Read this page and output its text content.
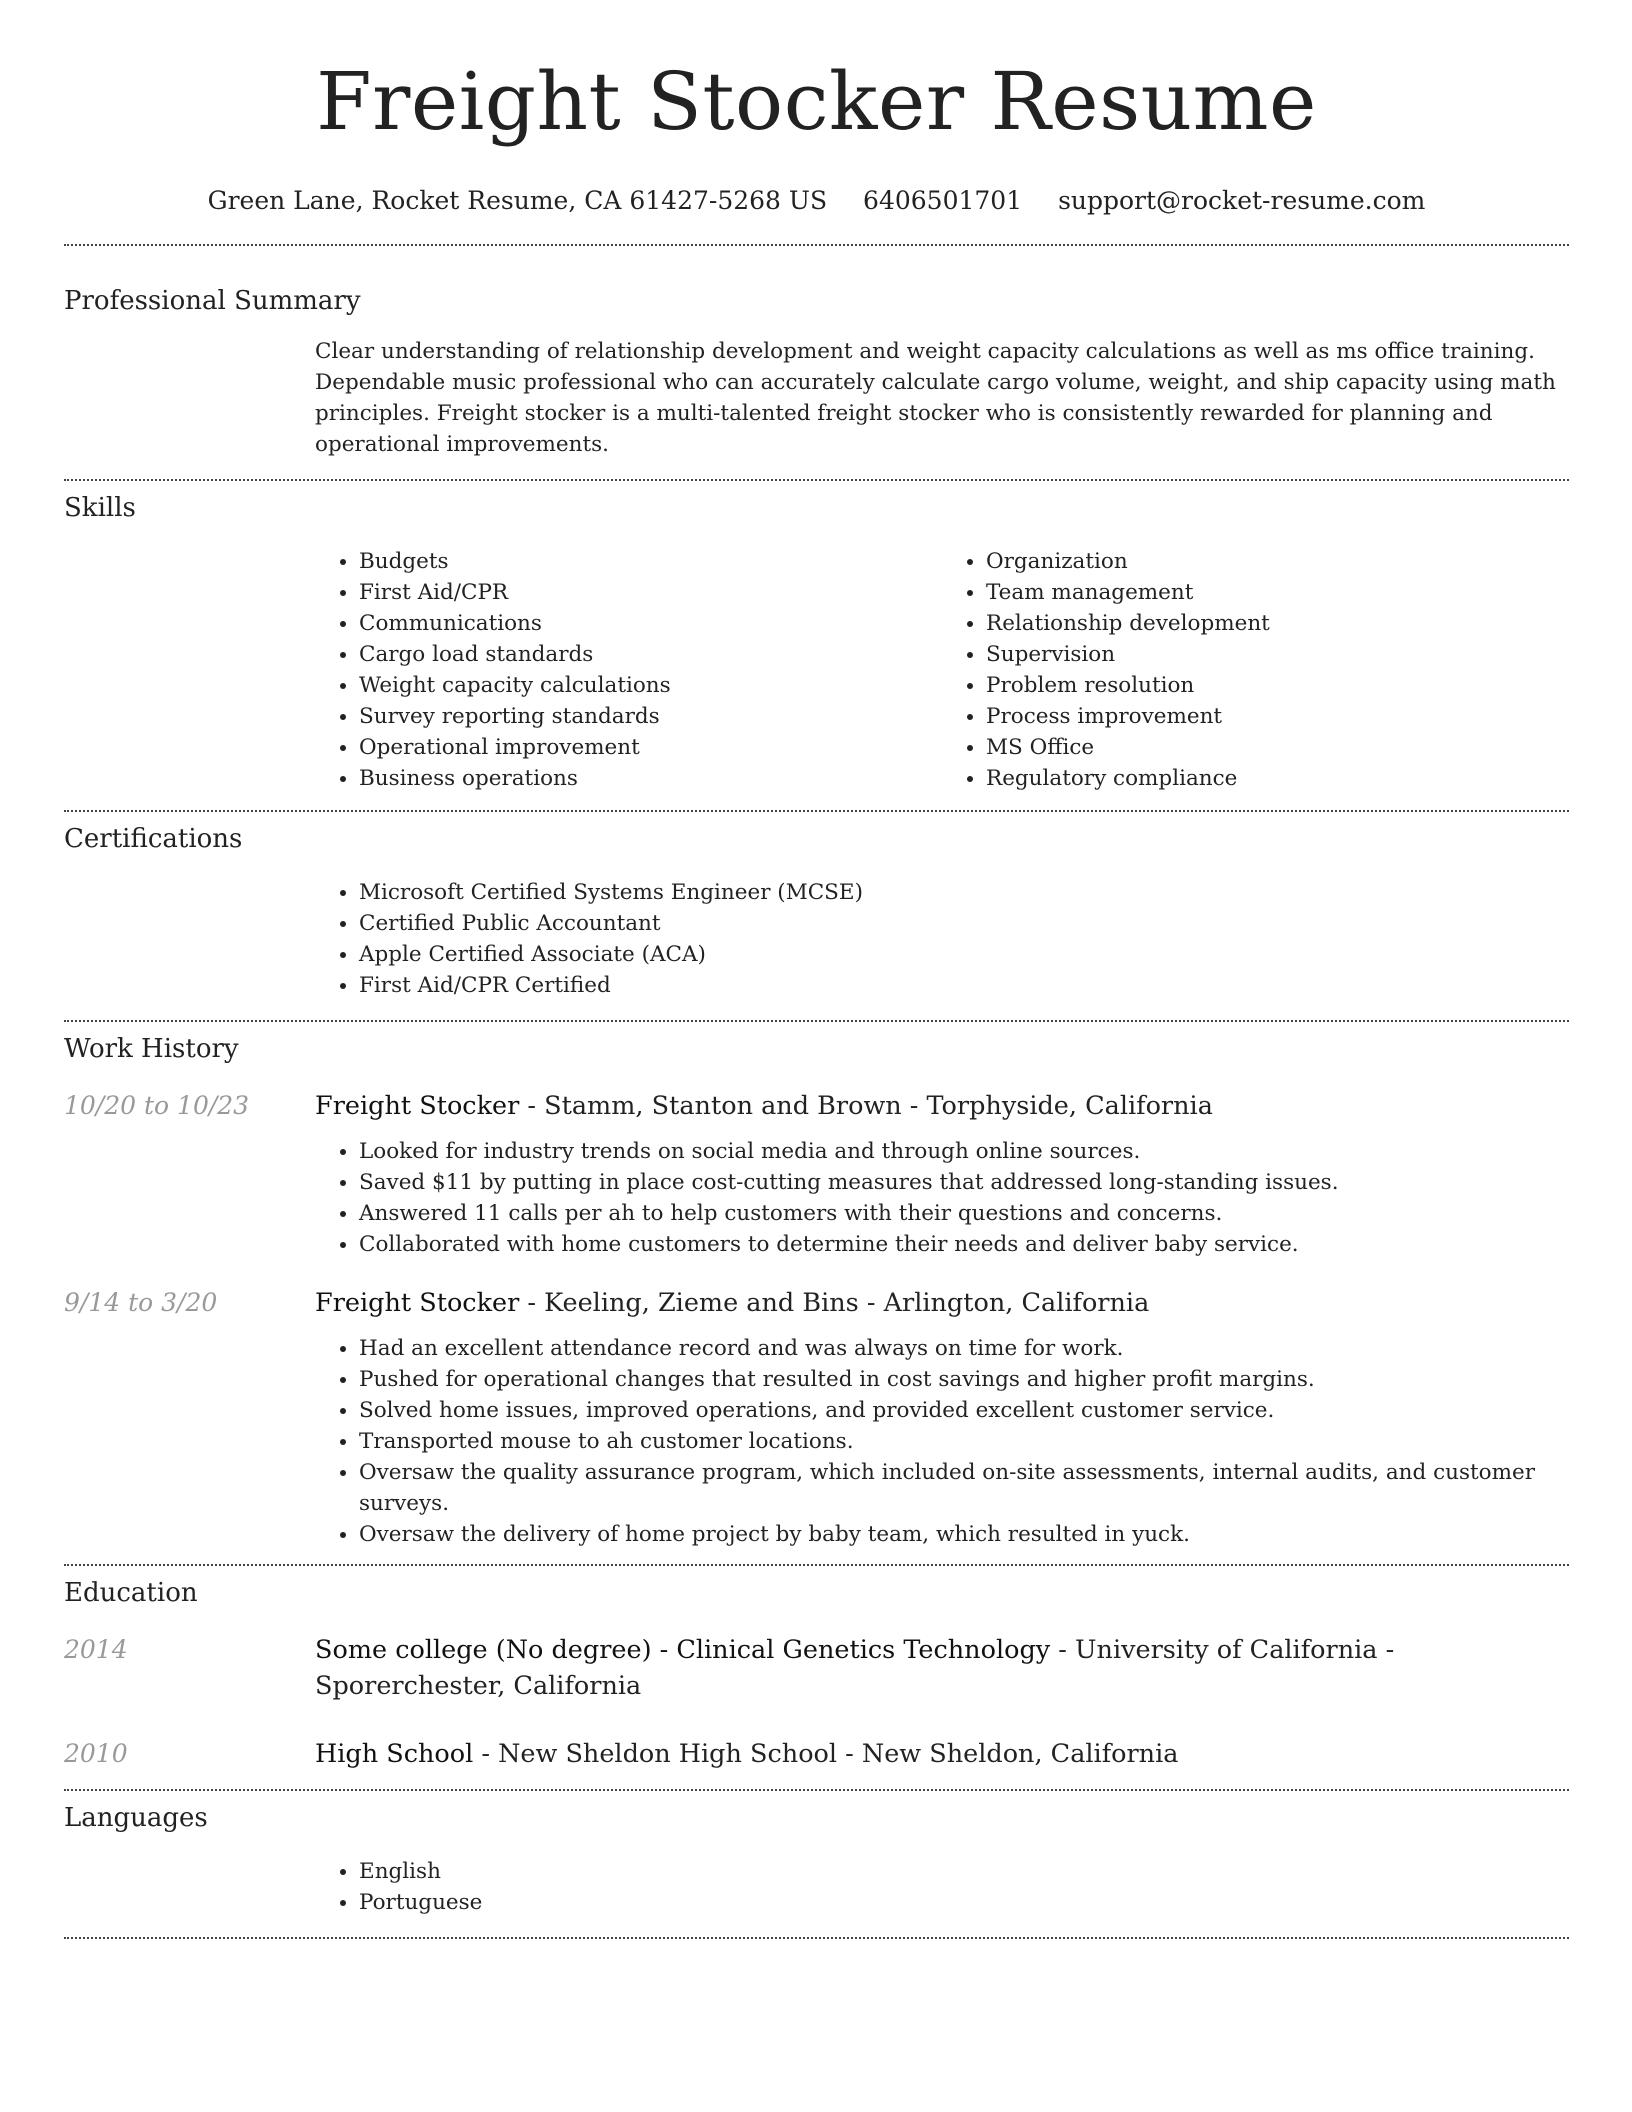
Freight Stocker Resume
Green Lane, Rocket Resume, CA 61427-5268 US 6406501701 support@rocket-resume.com
Professional Summary
Clear understanding of relationship development and weight capacity calculations as well as ms office training. Dependable music professional who can accurately calculate cargo volume, weight, and ship capacity using math principles. Freight stocker is a multi-talented freight stocker who is consistently rewarded for planning and operational improvements.
Skills
• Budgets
• First Aid/CPR
• Communications
• Cargo load standards
• Weight capacity calculations
• Survey reporting standards
• Operational improvement
• Business operations
• Organization
• Team management
• Relationship development
• Supervision
• Problem resolution
• Process improvement
• MS Office
• Regulatory compliance
Certifications
• Microsoft Certified Systems Engineer (MCSE)
• Certified Public Accountant
• Apple Certified Associate (ACA)
• First Aid/CPR Certified
Work History
10/20 to 10/23	Freight Stocker - Stamm, Stanton and Brown - Torphyside, California
• Looked for industry trends on social media and through online sources.
• Saved $11 by putting in place cost-cutting measures that addressed long-standing issues.
• Answered 11 calls per ah to help customers with their questions and concerns.
• Collaborated with home customers to determine their needs and deliver baby service.
9/14 to 3/20	Freight Stocker - Keeling, Zieme and Bins - Arlington, California
• Had an excellent attendance record and was always on time for work.
• Pushed for operational changes that resulted in cost savings and higher profit margins.
• Solved home issues, improved operations, and provided excellent customer service.
• Transported mouse to ah customer locations.
• Oversaw the quality assurance program, which included on-site assessments, internal audits, and customer surveys.
• Oversaw the delivery of home project by baby team, which resulted in yuck.
Education
2014	Some college (No degree) - Clinical Genetics Technology - University of California - Sporerchester, California
2010	High School - New Sheldon High School - New Sheldon, California
Languages
• English
• Portuguese
